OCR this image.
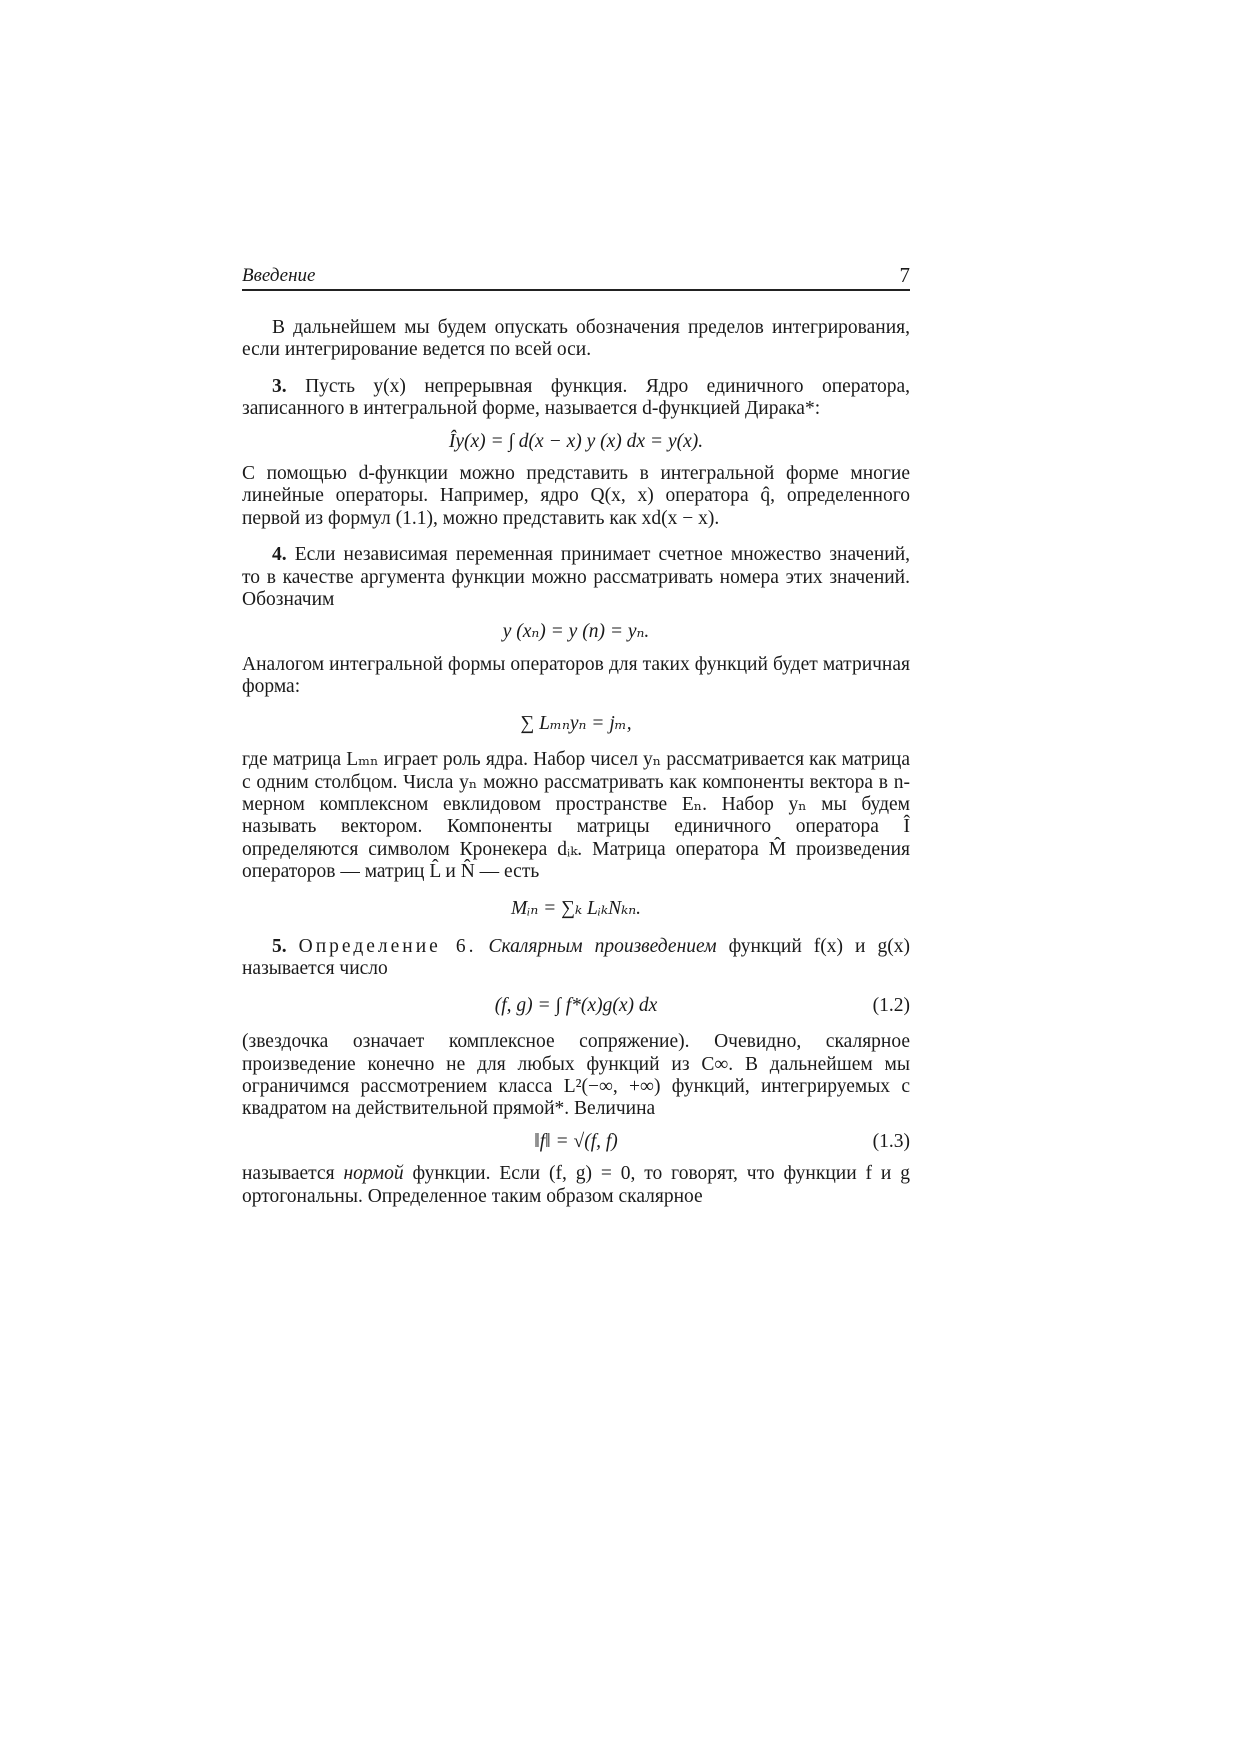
Введение	7

В дальнейшем мы будем опускать обозначения пределов интегрирования, если интегрирование ведется по всей оси.

3. Пусть y(x) непрерывная функция. Ядро единичного оператора, записанного в интегральной форме, называется d-функцией Дирака*:

Îy(x) = ∫ d(x − x) y (x) dx = y(x).

С помощью d-функции можно представить в интегральной форме многие линейные операторы. Например, ядро Q(x, x) оператора q̂, определенного первой из формул (1.1), можно представить как xd(x − x).

4. Если независимая переменная принимает счетное множество значений, то в качестве аргумента функции можно рассматривать номера этих значений. Обозначим

y (xₙ) = y (n) = yₙ.

Аналогом интегральной формы операторов для таких функций будет матричная форма:

∑ Lₘₙyₙ = jₘ,

где матрица Lₘₙ играет роль ядра. Набор чисел yₙ рассматривается как матрица с одним столбцом. Числа yₙ можно рассматривать как компоненты вектора в n-мерном комплексном евклидовом пространстве Eₙ. Набор yₙ мы будем называть вектором. Компоненты матрицы единичного оператора Î определяются символом Кронекера dᵢₖ. Матрица оператора M̂ произведения операторов — матриц L̂ и N̂ — есть

Mᵢₙ = ∑ₖ LᵢₖNₖₙ.

5. Определение 6. Скалярным произведением функций f(x) и g(x) называется число

(f, g) = ∫ f*(x)g(x) dx	(1.2)

(звездочка означает комплексное сопряжение). Очевидно, скалярное произведение конечно не для любых функций из C∞. В дальнейшем мы ограничимся рассмотрением класса L²(−∞, +∞) функций, интегрируемых с квадратом на действительной прямой*. Величина

‖f‖ = √(f, f)	(1.3)

называется нормой функции. Если (f, g) = 0, то говорят, что функции f и g ортогональны. Определенное таким образом скалярное
